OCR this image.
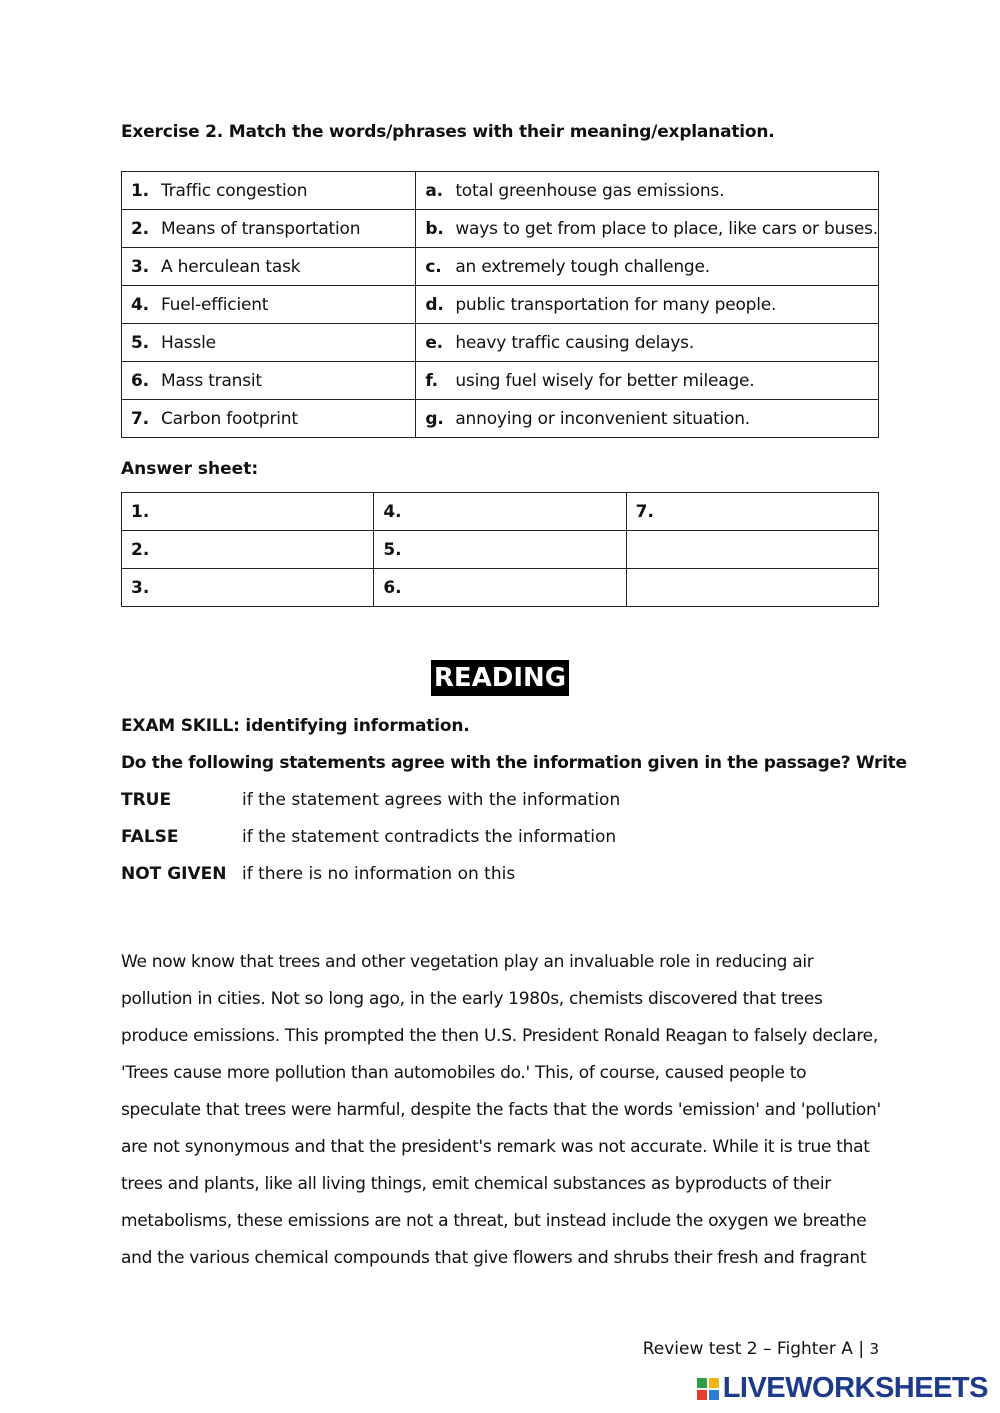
Exercise 2. Match the words/phrases with their meaning/explanation.
1. Traffic congestion	a. total greenhouse gas emissions.
2. Means of transportation	b. ways to get from place to place, like cars or buses.
3. A herculean task	c. an extremely tough challenge.
4. Fuel-efficient	d. public transportation for many people.
5. Hassle	e. heavy traffic causing delays.
6. Mass transit	f. using fuel wisely for better mileage.
7. Carbon footprint	g. annoying or inconvenient situation.
Answer sheet:
1.	4.	7.
2.	5.	
3.	6.	
READING
EXAM SKILL: identifying information.
Do the following statements agree with the information given in the passage? Write
TRUE	if the statement agrees with the information
FALSE	if the statement contradicts the information
NOT GIVEN if there is no information on this
We now know that trees and other vegetation play an invaluable role in reducing air
pollution in cities. Not so long ago, in the early 1980s, chemists discovered that trees
produce emissions. This prompted the then U.S. President Ronald Reagan to falsely declare,
'Trees cause more pollution than automobiles do.' This, of course, caused people to
speculate that trees were harmful, despite the facts that the words 'emission' and 'pollution'
are not synonymous and that the president's remark was not accurate. While it is true that
trees and plants, like all living things, emit chemical substances as byproducts of their
metabolisms, these emissions are not a threat, but instead include the oxygen we breathe
and the various chemical compounds that give flowers and shrubs their fresh and fragrant
Review test 2 – Fighter A | 3
LIVEWORKSHEETS
